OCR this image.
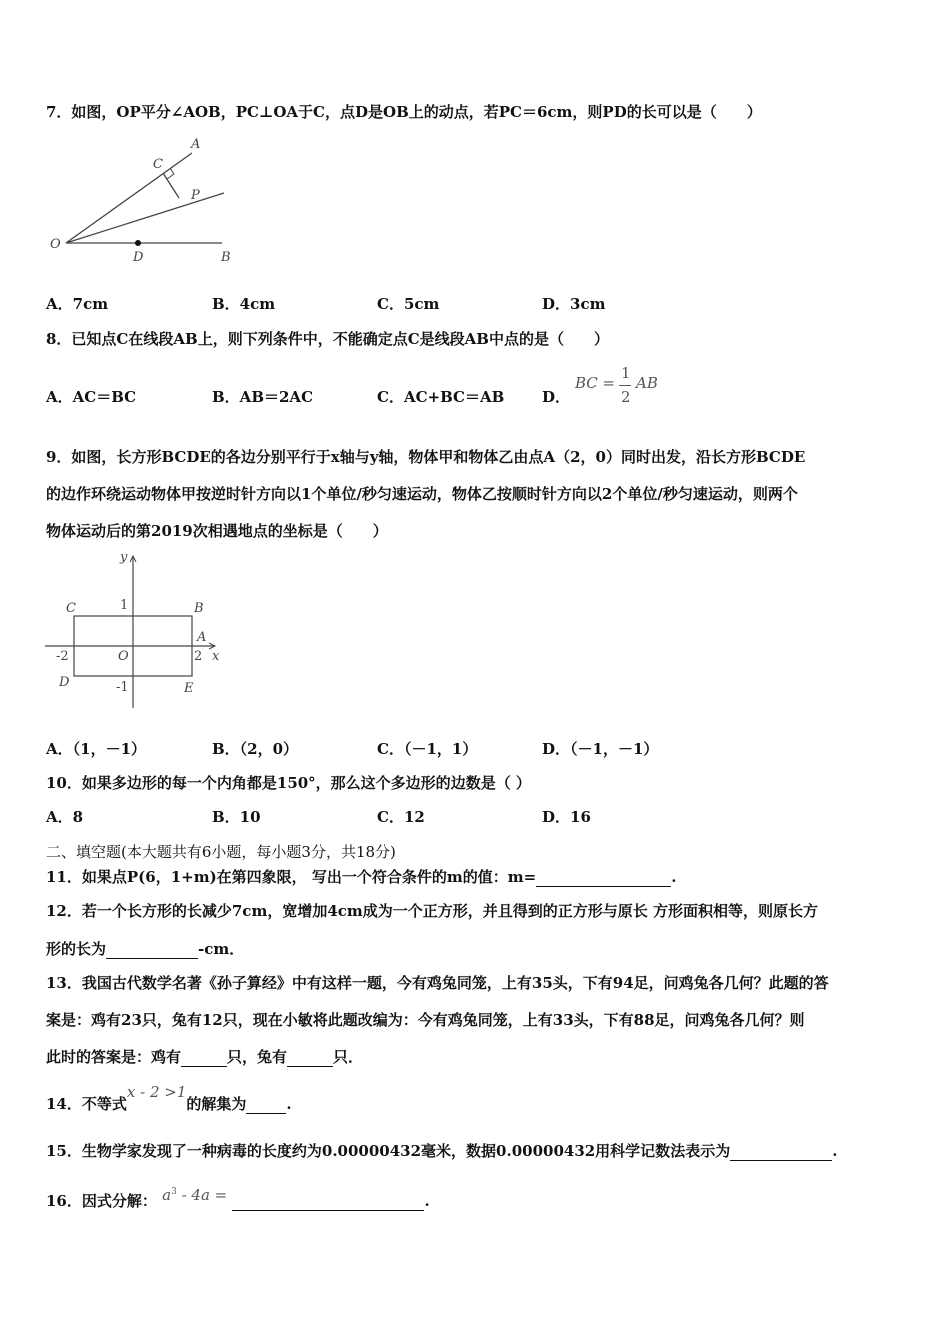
7．如图，OP平分∠AOB，PC⊥OA于C，点D是OB上的动点，若PC＝6cm，则PD的长可以是（　　）
O
A
C
P
D	B
A．7cm	B．4cm	C．5cm	D．3cm
8．已知点C在线段AB上，则下列条件中，不能确定点C是线段AB中点的是（　　）
A．AC＝BC	B．AB＝2AC	C．AC+BC＝AB	D．
BC =
1
2
AB
9．如图，长方形BCDE的各边分别平行于x轴与y轴，物体甲和物体乙由点A（2，0）同时出发，沿长方形BCDE
的边作环绕运动物体甲按逆时针方向以1个单位/秒匀速运动，物体乙按顺时针方向以2个单位/秒匀速运动，则两个
物体运动后的第2019次相遇地点的坐标是（　　）
y
x
C	B
A
1
O
-2	2
D	-1	E
A．（1，－1）	B．（2，0）	C．（－1，1）	D．（－1，－1）
10．如果多边形的每一个内角都是150°，那么这个多边形的边数是（ ）
A．8	B．10	C．12	D．16
二、填空题(本大题共有6小题，每小题3分，共18分)
11．如果点P(6，1+m)在第四象限， 写出一个符合条件的m的值：m=	.
12．若一个长方形的长减少7cm，宽增加4cm成为一个正方形，并且得到的正方形与原长 方形面积相等，则原长方
形的长为	-cm．
13．我国古代数学名著《孙子算经》中有这样一题，今有鸡兔同笼，上有35头，下有94足，问鸡兔各几何？此题的答
案是：鸡有23只，兔有12只，现在小敏将此题改编为：今有鸡兔同笼，上有33头，下有88足，问鸡兔各几何？则
此时的答案是：鸡有	只，兔有	只．
14．不等式x - 2 >1的解集为	.
15．生物学家发现了一种病毒的长度约为0.00000432毫米，数据0.00000432用科学记数法表示为	.
16．因式分解： $a^3 - 4a$ =	.
